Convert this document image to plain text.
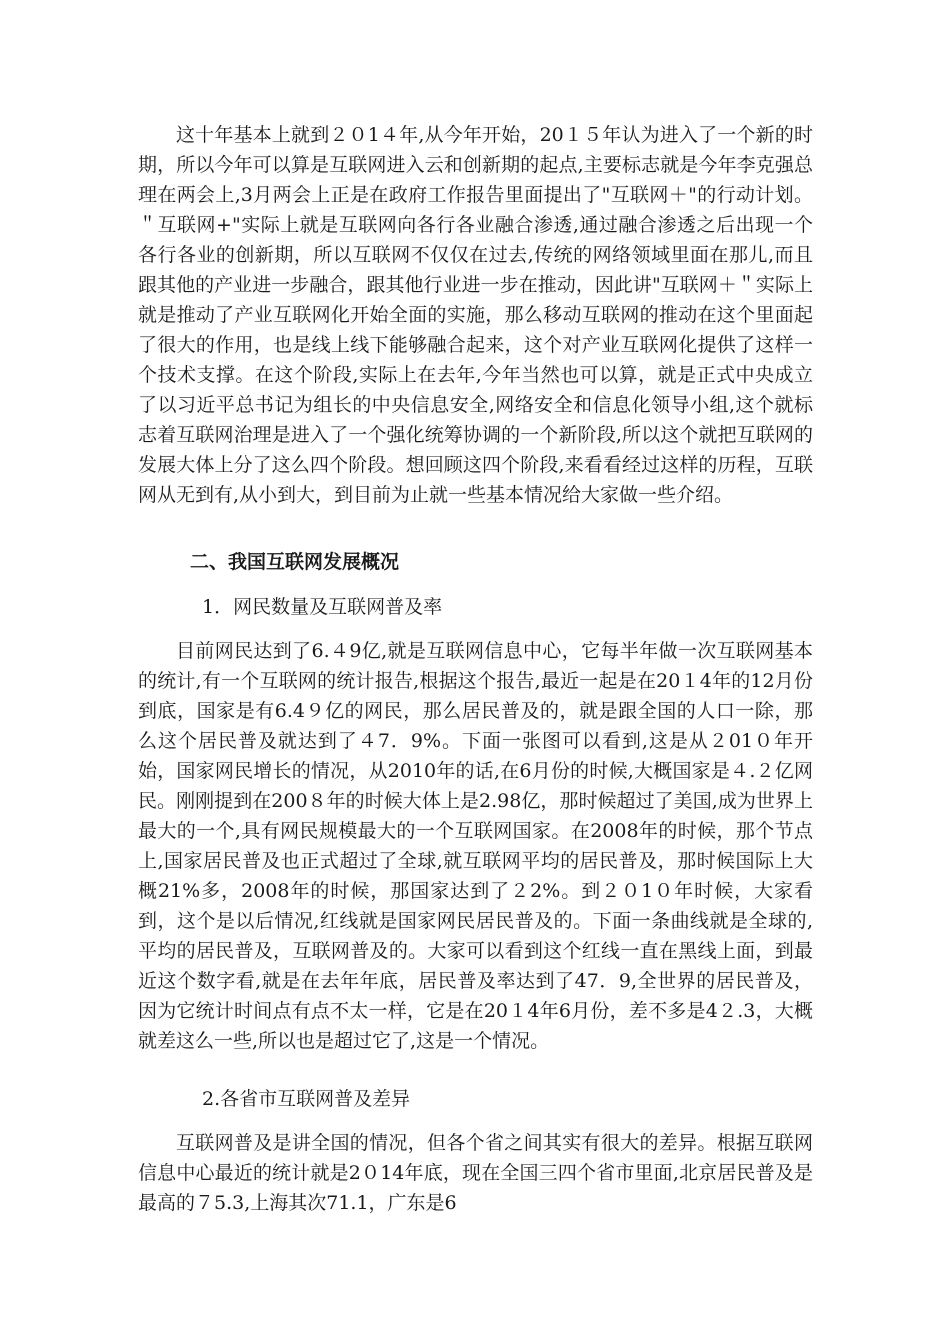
这十年基本上就到２０1４年,从今年开始，20１５年认为进入了一个新的时期，所以今年可以算是互联网进入云和创新期的起点,主要标志就是今年李克强总理在两会上,3月两会上正是在政府工作报告里面提出了"互联网＋"的行动计划。＂互联网+"实际上就是互联网向各行各业融合渗透,通过融合渗透之后出现一个各行各业的创新期，所以互联网不仅仅在过去,传统的网络领域里面在那儿,而且跟其他的产业进一步融合，跟其他行业进一步在推动，因此讲"互联网＋＂实际上就是推动了产业互联网化开始全面的实施，那么移动互联网的推动在这个里面起了很大的作用，也是线上线下能够融合起来，这个对产业互联网化提供了这样一个技术支撑。在这个阶段,实际上在去年,今年当然也可以算，就是正式中央成立了以习近平总书记为组长的中央信息安全,网络安全和信息化领导小组,这个就标志着互联网治理是进入了一个强化统筹协调的一个新阶段,所以这个就把互联网的发展大体上分了这么四个阶段。想回顾这四个阶段,来看看经过这样的历程，互联网从无到有,从小到大，到目前为止就一些基本情况给大家做一些介绍。

二、我国互联网发展概况

1．网民数量及互联网普及率

目前网民达到了6.４9亿,就是互联网信息中心，它每半年做一次互联网基本的统计,有一个互联网的统计报告,根据这个报告,最近一起是在20１4年的12月份到底，国家是有6.4９亿的网民，那么居民普及的，就是跟全国的人口一除，那么这个居民普及就达到了４7．9%。下面一张图可以看到,这是从２01０年开始，国家网民增长的情况，从2010年的话,在6月份的时候,大概国家是４.２亿网民。刚刚提到在200８年的时候大体上是2.98亿，那时候超过了美国,成为世界上最大的一个,具有网民规模最大的一个互联网国家。在2008年的时候，那个节点上,国家居民普及也正式超过了全球,就互联网平均的居民普及，那时候国际上大概21%多，2008年的时候，那国家达到了２2%。到２０1０年时候，大家看到，这个是以后情况,红线就是国家网民居民普及的。下面一条曲线就是全球的,平均的居民普及，互联网普及的。大家可以看到这个红线一直在黑线上面，到最近这个数字看,就是在去年年底，居民普及率达到了47．9,全世界的居民普及，因为它统计时间点有点不太一样，它是在20１4年6月份，差不多是4２.3，大概就差这么一些,所以也是超过它了,这是一个情况。

2.各省市互联网普及差异

互联网普及是讲全国的情况，但各个省之间其实有很大的差异。根据互联网信息中心最近的统计就是2０14年底，现在全国三四个省市里面,北京居民普及是最高的７5.3,上海其次71.1，广东是6
